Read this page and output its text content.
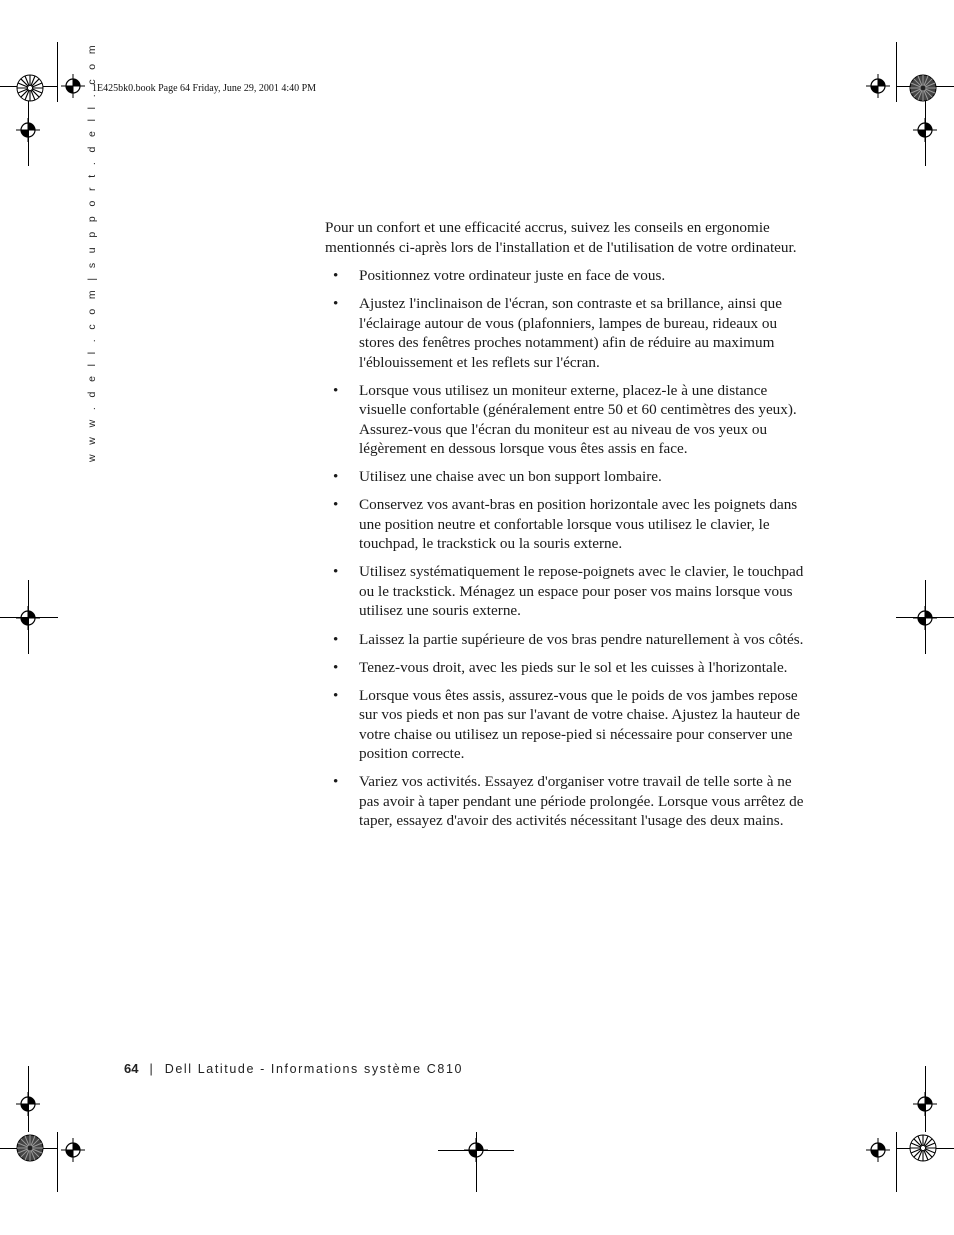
1E425bk0.book Page 64 Friday, June 29, 2001 4:40 PM
w w w . d e l l . c o m | s u p p o r t . d e l l . c o m	Pour un confort et une efficacité accrus, suivez les conseils en ergonomie mentionnés ci-après lors de l'installation et de l'utilisation de votre ordinateur.

• Positionnez votre ordinateur juste en face de vous.
• Ajustez l'inclinaison de l'écran, son contraste et sa brillance, ainsi que l'éclairage autour de vous (plafonniers, lampes de bureau, rideaux ou stores des fenêtres proches notamment) afin de réduire au maximum l'éblouissement et les reflets sur l'écran.
• Lorsque vous utilisez un moniteur externe, placez-le à une distance visuelle confortable (généralement entre 50 et 60 centimètres des yeux). Assurez-vous que l'écran du moniteur est au niveau de vos yeux ou légèrement en dessous lorsque vous êtes assis en face.
• Utilisez une chaise avec un bon support lombaire.
• Conservez vos avant-bras en position horizontale avec les poignets dans une position neutre et confortable lorsque vous utilisez le clavier, le touchpad, le trackstick ou la souris externe.
• Utilisez systématiquement le repose-poignets avec le clavier, le touchpad ou le trackstick. Ménagez un espace pour poser vos mains lorsque vous utilisez une souris externe.
• Laissez la partie supérieure de vos bras pendre naturellement à vos côtés.
• Tenez-vous droit, avec les pieds sur le sol et les cuisses à l'horizontale.
• Lorsque vous êtes assis, assurez-vous que le poids de vos jambes repose sur vos pieds et non pas sur l'avant de votre chaise. Ajustez la hauteur de votre chaise ou utilisez un repose-pied si nécessaire pour conserver une position correcte.
• Variez vos activités. Essayez d'organiser votre travail de telle sorte à ne pas avoir à taper pendant une période prolongée. Lorsque vous arrêtez de taper, essayez d'avoir des activités nécessitant l'usage des deux mains.
64 | Dell Latitude - Informations système C810
